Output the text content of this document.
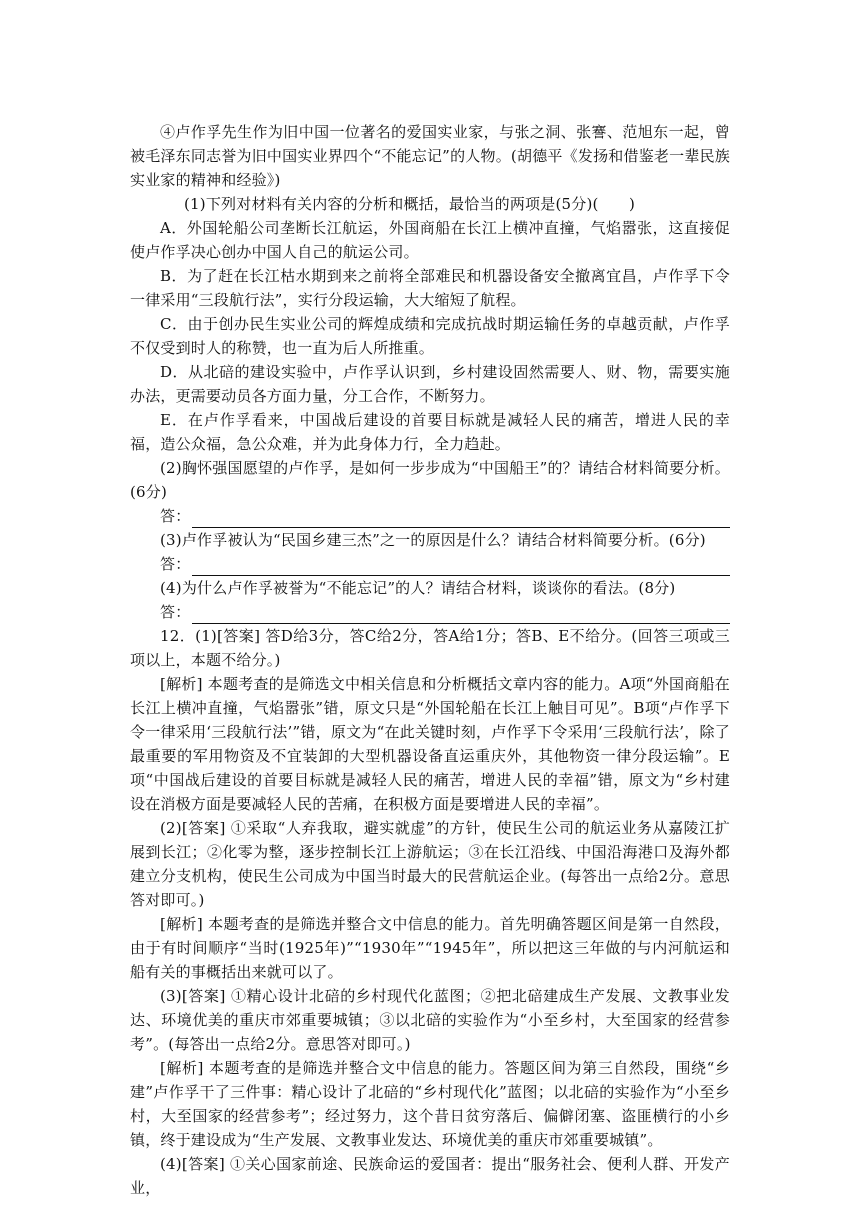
④卢作孚先生作为旧中国一位著名的爱国实业家，与张之洞、张謇、范旭东一起，曾被毛泽东同志誉为旧中国实业界四个“不能忘记”的人物。(胡德平《发扬和借鉴老一辈民族实业家的精神和经验》)

(1)下列对材料有关内容的分析和概括，最恰当的两项是(5分)(　　)

A．外国轮船公司垄断长江航运，外国商船在长江上横冲直撞，气焰嚣张，这直接促使卢作孚决心创办中国人自己的航运公司。

B．为了赶在长江枯水期到来之前将全部难民和机器设备安全撤离宜昌，卢作孚下令一律采用“三段航行法”，实行分段运输，大大缩短了航程。

C．由于创办民生实业公司的辉煌成绩和完成抗战时期运输任务的卓越贡献，卢作孚不仅受到时人的称赞，也一直为后人所推重。

D．从北碚的建设实验中，卢作孚认识到，乡村建设固然需要人、财、物，需要实施办法，更需要动员各方面力量，分工合作，不断努力。

E．在卢作孚看来，中国战后建设的首要目标就是减轻人民的痛苦，增进人民的幸福，造公众福，急公众难，并为此身体力行，全力趋赴。

(2)胸怀强国愿望的卢作孚，是如何一步步成为“中国船王”的？请结合材料简要分析。(6分)

答：

(3)卢作孚被认为“民国乡建三杰”之一的原因是什么？请结合材料简要分析。(6分)

答：

(4)为什么卢作孚被誉为“不能忘记”的人？请结合材料，谈谈你的看法。(8分)

答：

12．(1)[答案] 答D给3分，答C给2分，答A给1分；答B、E不给分。(回答三项或三项以上，本题不给分。)

[解析] 本题考查的是筛选文中相关信息和分析概括文章内容的能力。A项“外国商船在长江上横冲直撞，气焰嚣张”错，原文只是“外国轮船在长江上触目可见”。B项“卢作孚下令一律采用‘三段航行法’”错，原文为“在此关键时刻，卢作孚下令采用‘三段航行法’，除了最重要的军用物资及不宜装卸的大型机器设备直运重庆外，其他物资一律分段运输”。E项“中国战后建设的首要目标就是减轻人民的痛苦，增进人民的幸福”错，原文为“乡村建设在消极方面是要减轻人民的苦痛，在积极方面是要增进人民的幸福”。

(2)[答案] ①采取“人弃我取，避实就虚”的方针，使民生公司的航运业务从嘉陵江扩展到长江；②化零为整，逐步控制长江上游航运；③在长江沿线、中国沿海港口及海外都建立分支机构，使民生公司成为中国当时最大的民营航运企业。(每答出一点给2分。意思答对即可。)

[解析] 本题考查的是筛选并整合文中信息的能力。首先明确答题区间是第一自然段，由于有时间顺序“当时(1925年)”“1930年”“1945年”，所以把这三年做的与内河航运和船有关的事概括出来就可以了。

(3)[答案] ①精心设计北碚的乡村现代化蓝图；②把北碚建成生产发展、文教事业发达、环境优美的重庆市郊重要城镇；③以北碚的实验作为“小至乡村，大至国家的经营参考”。(每答出一点给2分。意思答对即可。)

[解析] 本题考查的是筛选并整合文中信息的能力。答题区间为第三自然段，围绕“乡建”卢作孚干了三件事：精心设计了北碚的“乡村现代化”蓝图；以北碚的实验作为“小至乡村，大至国家的经营参考”；经过努力，这个昔日贫穷落后、偏僻闭塞、盗匪横行的小乡镇，终于建设成为“生产发展、文教事业发达、环境优美的重庆市郊重要城镇”。

(4)[答案] ①关心国家前途、民族命运的爱国者：提出“服务社会、便利人群、开发产业，
